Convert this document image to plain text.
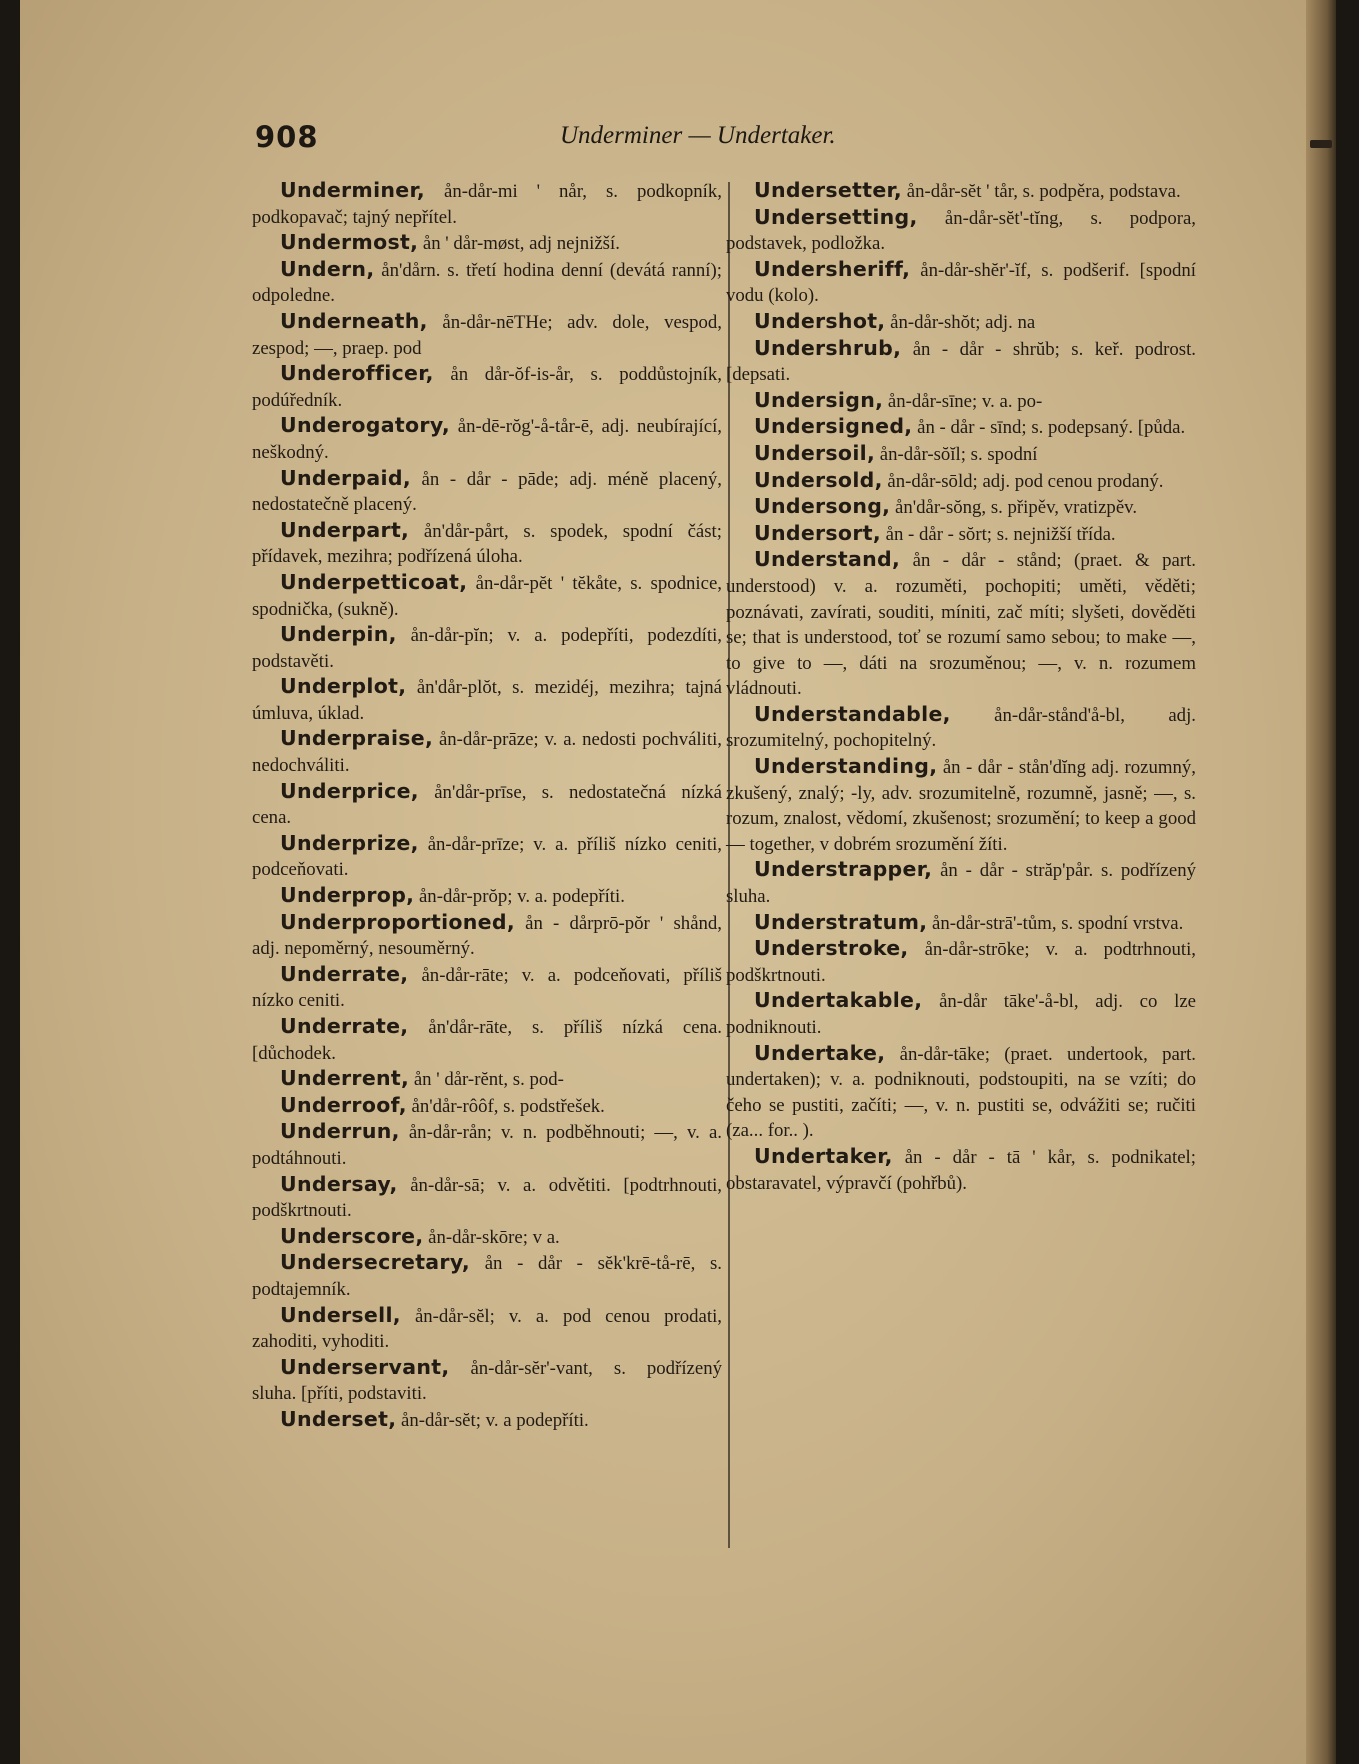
908	Underminer — Undertaker.

Underminer, ån-dår-mi ' når, s. podkopník, podkopavač; tajný nepřítel.

Undermost, ån ' dår-møst, adj nejnižší.

Undern, ån'dårn. s. třetí hodina denní (devátá ranní); odpoledne.

Underneath, ån-dår-nēTHe; adv. dole, vespod, zespod; —, praep. pod

Underofficer, ån dår-ŏf-is-år, s. poddůstojník, podúředník.

Underogatory, ån-dē-rŏg'-å-tår-ē, adj. neubírající, neškodný.

Underpaid, ån - dår - pāde; adj. méně placený, nedostatečně placený.

Underpart, ån'dår-pårt, s. spodek, spodní část; přídavek, mezihra; podřízená úloha.

Underpetticoat, ån-dår-pĕt ' tĕkåte, s. spodnice, spodnička, (sukně).

Underpin, ån-dår-pĭn; v. a. podepříti, podezdíti, podstavěti.

Underplot, ån'dår-plŏt, s. mezidéj, mezihra; tajná úmluva, úklad.

Underpraise, ån-dår-prāze; v. a. nedosti pochváliti, nedochváliti.

Underprice, ån'dår-prīse, s. nedostatečná nízká cena.

Underprize, ån-dår-prīze; v. a. příliš nízko ceniti, podceňovati.

Underprop, ån-dår-prŏp; v. a. podepříti.

Underproportioned, ån - dårprō-pŏr ' shånd, adj. nepoměrný, nesouměrný.

Underrate, ån-dår-rāte; v. a. podceňovati, příliš nízko ceniti.

Underrate, ån'dår-rāte, s. příliš nízká cena. [důchodek.

Underrent, ån ' dår-rĕnt, s. pod-

Underroof, ån'dår-rôôf, s. podstřešek.

Underrun, ån-dår-rån; v. n. podběhnouti; —, v. a. podtáhnouti.

Undersay, ån-dår-sā; v. a. odvětiti. [podtrhnouti, podškrtnouti.

Underscore, ån-dår-skōre; v a.

Undersecretary, ån - dår - sĕk'krē-tå-rē, s. podtajemník.

Undersell, ån-dår-sĕl; v. a. pod cenou prodati, zahoditi, vyhoditi.

Underservant, ån-dår-sĕr'-vant, s. podřízený sluha. [příti, podstaviti.

Underset, ån-dår-sĕt; v. a podepříti.

Undersetter, ån-dår-sĕt ' tår, s. podpěra, podstava.

Undersetting, ån-dår-sĕt'-tĭng, s. podpora, podstavek, podložka.

Undersheriff, ån-dår-shĕr'-ĭf, s. podšerif. [spodní vodu (kolo).

Undershot, ån-dår-shŏt; adj. na

Undershrub, ån - dår - shrŭb; s. keř. podrost. [depsati.

Undersign, ån-dår-sīne; v. a. po-

Undersigned, ån - dår - sīnd; s. podepsaný. [půda.

Undersoil, ån-dår-sŏĭl; s. spodní

Undersold, ån-dår-sōld; adj. pod cenou prodaný.

Undersong, ån'dår-sŏng, s. připěv, vratizpěv.

Undersort, ån - dår - sŏrt; s. nejnižší třída.

Understand, ån - dår - stånd; (praet. & part. understood) v. a. rozuměti, pochopiti; uměti, věděti; poznávati, zavírati, souditi, míniti, zač míti; slyšeti, dověděti se; that is understood, toť se rozumí samo sebou; to make —, to give to —, dáti na srozuměnou; —, v. n. rozumem vládnouti.

Understandable, ån-dår-stånd'å-bl, adj. srozumitelný, pochopitelný.

Understanding, ån - dår - stån'dĭng adj. rozumný, zkušený, znalý; -ly, adv. srozumitelně, rozumně, jasně; —, s. rozum, znalost, vědomí, zkušenost; srozumění; to keep a good — together, v dobrém srozumění žíti.

Understrapper, ån - dår - străp'pår. s. podřízený sluha.

Understratum, ån-dår-strā'-tům, s. spodní vrstva.

Understroke, ån-dår-strōke; v. a. podtrhnouti, podškrtnouti.

Undertakable, ån-dår tāke'-å-bl, adj. co lze podniknouti.

Undertake, ån-dår-tāke; (praet. undertook, part. undertaken); v. a. podniknouti, podstoupiti, na se vzíti; do čeho se pustiti, začíti; —, v. n. pustiti se, odvážiti se; ručiti (za... for.. ).

Undertaker, ån - dår - tā ' kår, s. podnikatel; obstaravatel, výpravčí (pohřbů).
